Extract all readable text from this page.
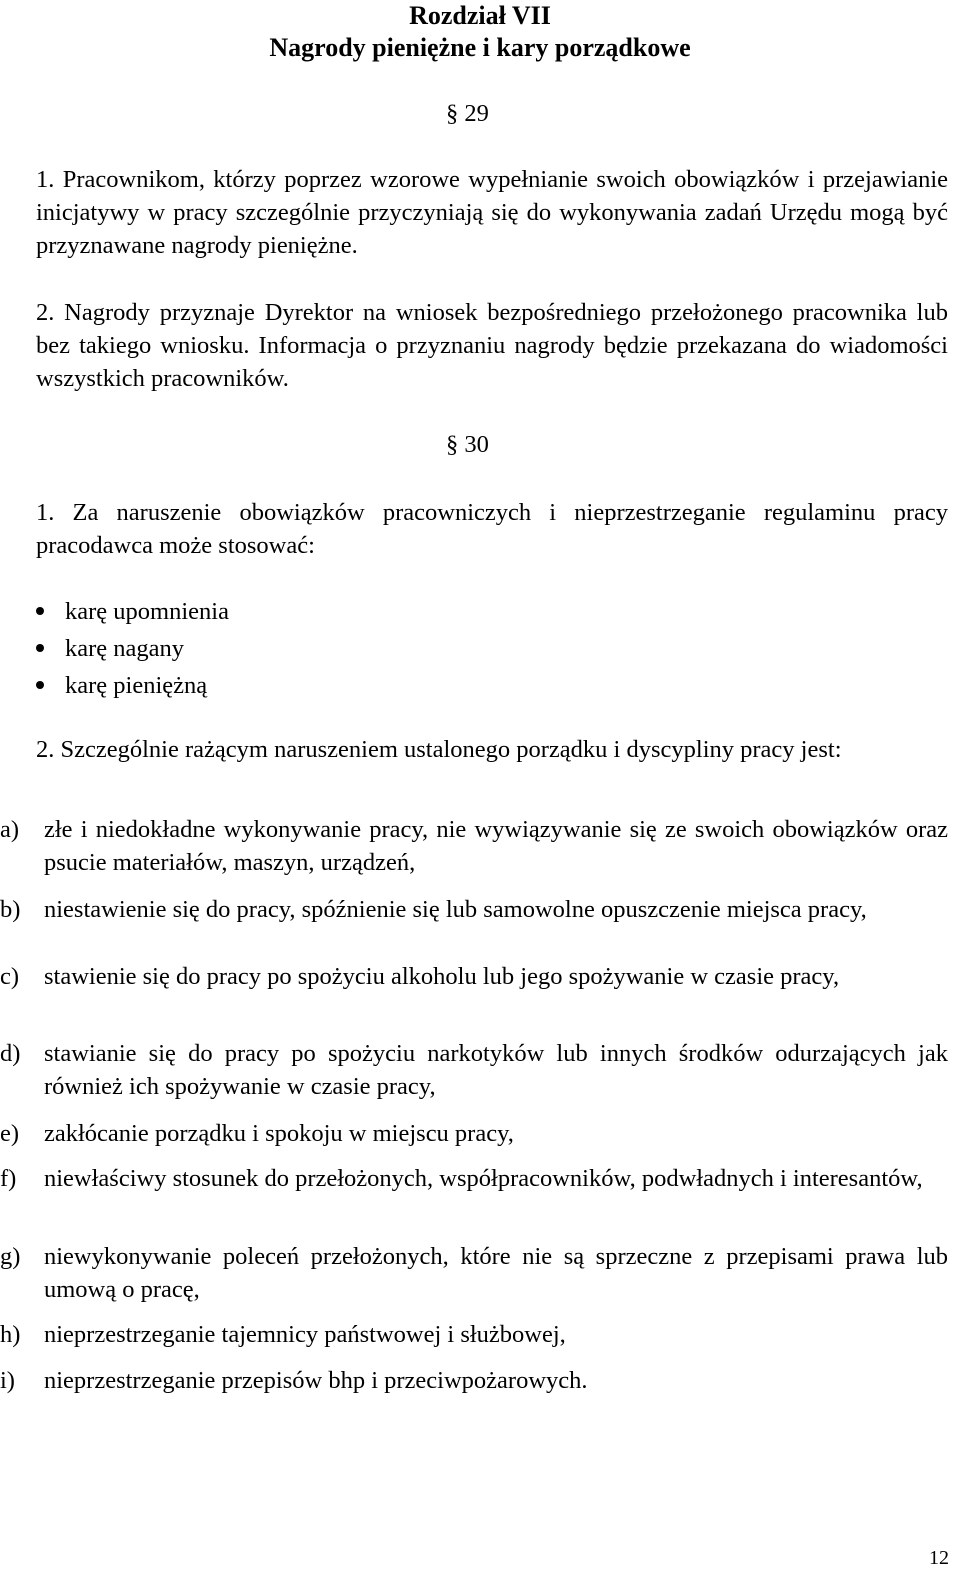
Rozdział VII
Nagrody pieniężne i kary porządkowe
§ 29
1. Pracownikom, którzy poprzez wzorowe wypełnianie swoich obowiązków i przejawianie inicjatywy w pracy szczególnie przyczyniają się do wykonywania zadań Urzędu mogą być przyznawane nagrody pieniężne.
2. Nagrody przyznaje Dyrektor na wniosek bezpośredniego przełożonego pracownika lub bez takiego wniosku. Informacja o przyznaniu nagrody będzie przekazana do wiadomości wszystkich pracowników.
§ 30
1. Za naruszenie obowiązków pracowniczych i nieprzestrzeganie regulaminu pracy pracodawca może stosować:
karę upomnienia
karę nagany
karę pieniężną
2. Szczególnie rażącym naruszeniem ustalonego porządku i dyscypliny pracy jest:
a) złe i niedokładne wykonywanie pracy, nie wywiązywanie się ze swoich obowiązków oraz psucie materiałów, maszyn, urządzeń,
b) niestawienie się do pracy, spóźnienie się lub samowolne opuszczenie miejsca pracy,
c) stawienie się do pracy po spożyciu alkoholu lub jego spożywanie w czasie pracy,
d) stawianie się do pracy po spożyciu narkotyków lub innych środków odurzających jak również ich spożywanie w czasie pracy,
e) zakłócanie porządku i spokoju w miejscu pracy,
f) niewłaściwy stosunek do przełożonych, współpracowników, podwładnych i interesantów,
g) niewykonywanie poleceń przełożonych, które nie są sprzeczne z przepisami prawa lub umową o pracę,
h) nieprzestrzeganie tajemnicy państwowej i służbowej,
i) nieprzestrzeganie przepisów bhp i przeciwpożarowych.
12
